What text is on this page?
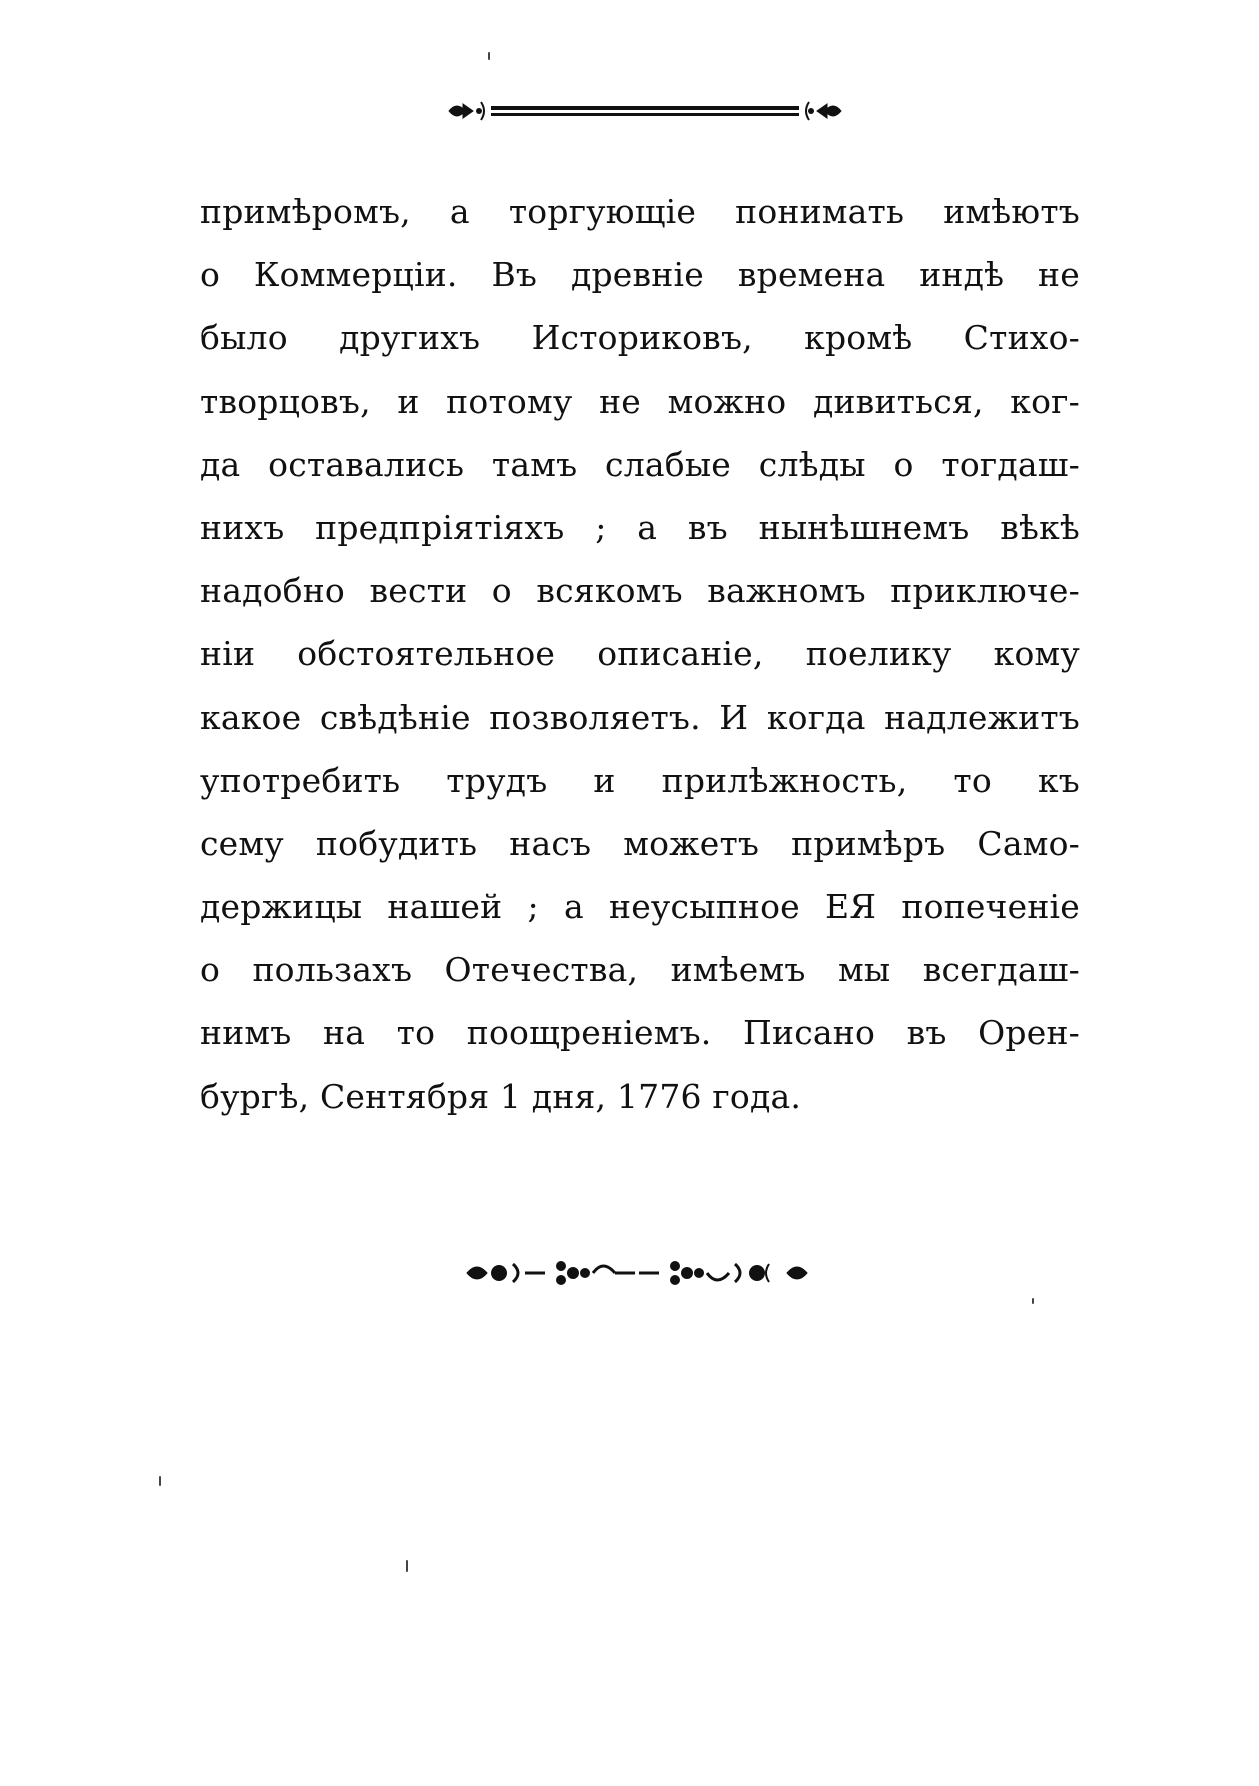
примѣромъ, а торгующіе понимать имѣютъ
о Коммерціи. Въ древніе времена индѣ не
было другихъ Историковъ, кромѣ Стихо-
творцовъ, и потому не можно дивиться, ког-
да оставались тамъ слабые слѣды о тогдаш-
нихъ предпріятіяхъ ; а въ нынѣшнемъ вѣкѣ
надобно вести о всякомъ важномъ приключе-
ніи обстоятельное описаніе, поелику кому
какое свѣдѣніе позволяетъ. И когда надлежитъ
употребить трудъ и прилѣжность, то къ
сему побудить насъ можетъ примѣръ Само-
держицы нашей ; а неусыпное ЕЯ попеченіе
о пользахъ Отечества, имѣемъ мы всегдаш-
нимъ на то поощреніемъ. Писано въ Орен-
бургѣ, Сентября 1 дня, 1776 года.
